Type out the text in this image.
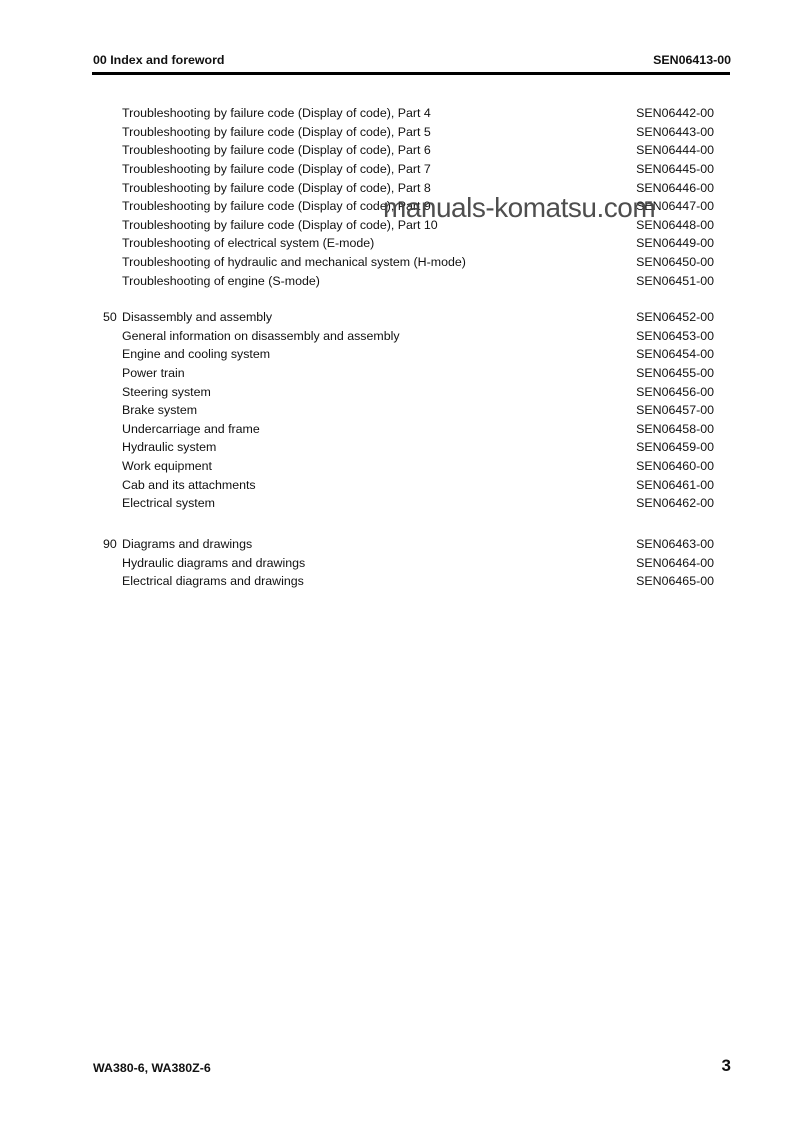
00 Index and foreword	SEN06413-00
Troubleshooting by failure code (Display of code), Part 4	SEN06442-00
Troubleshooting by failure code (Display of code), Part 5	SEN06443-00
Troubleshooting by failure code (Display of code), Part 6	SEN06444-00
Troubleshooting by failure code (Display of code), Part 7	SEN06445-00
Troubleshooting by failure code (Display of code), Part 8	SEN06446-00
Troubleshooting by failure code (Display of code), Part 9	SEN06447-00
Troubleshooting by failure code (Display of code), Part 10	SEN06448-00
Troubleshooting of electrical system (E-mode)	SEN06449-00
Troubleshooting of hydraulic and mechanical system (H-mode)	SEN06450-00
Troubleshooting of engine (S-mode)	SEN06451-00
50 Disassembly and assembly	SEN06452-00
General information on disassembly and assembly	SEN06453-00
Engine and cooling system	SEN06454-00
Power train	SEN06455-00
Steering system	SEN06456-00
Brake system	SEN06457-00
Undercarriage and frame	SEN06458-00
Hydraulic system	SEN06459-00
Work equipment	SEN06460-00
Cab and its attachments	SEN06461-00
Electrical system	SEN06462-00
90 Diagrams and drawings	SEN06463-00
Hydraulic diagrams and drawings	SEN06464-00
Electrical diagrams and drawings	SEN06465-00
manuals-komatsu.com
WA380-6, WA380Z-6	3
